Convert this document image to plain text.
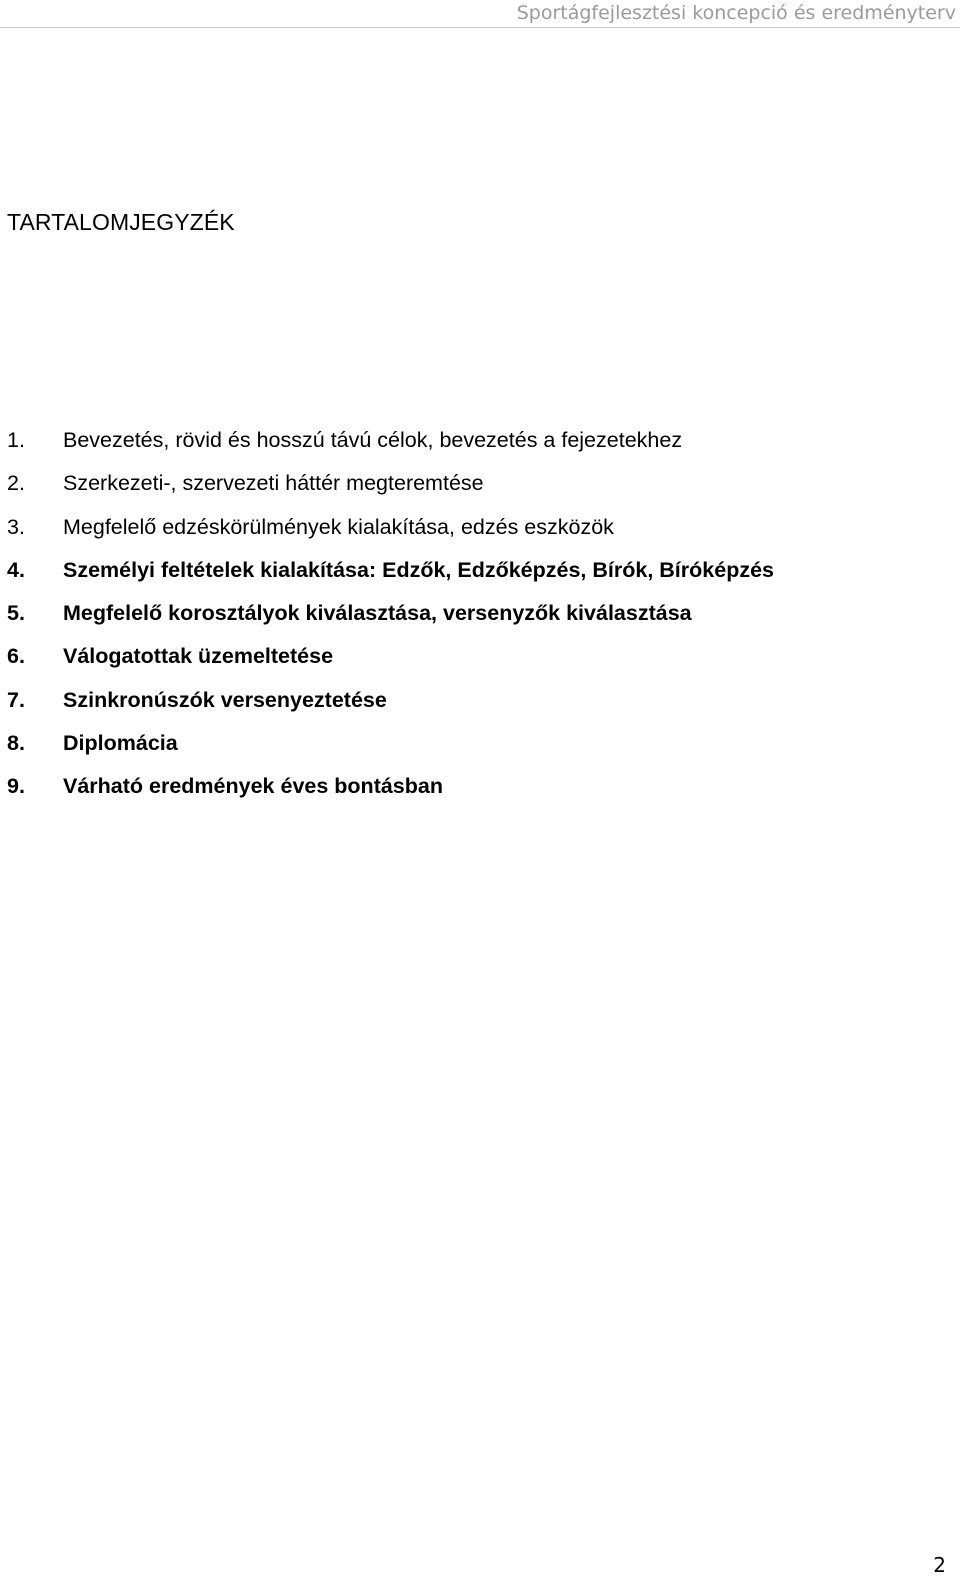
Sportágfejlesztési koncepció és eredményterv
TARTALOMJEGYZÉK
1.	Bevezetés, rövid és hosszú távú célok, bevezetés a fejezetekhez
2.	Szerkezeti-, szervezeti háttér megteremtése
3.	Megfelelő edzéskörülmények kialakítása, edzés eszközök
4.	Személyi feltételek kialakítása: Edzők, Edzőképzés, Bírók, Bíróképzés
5.	Megfelelő korosztályok kiválasztása, versenyzők kiválasztása
6.	Válogatottak üzemeltetése
7.	Szinkronúszók versenyeztetése
8.	Diplomácia
9.	Várható eredmények éves bontásban
2
